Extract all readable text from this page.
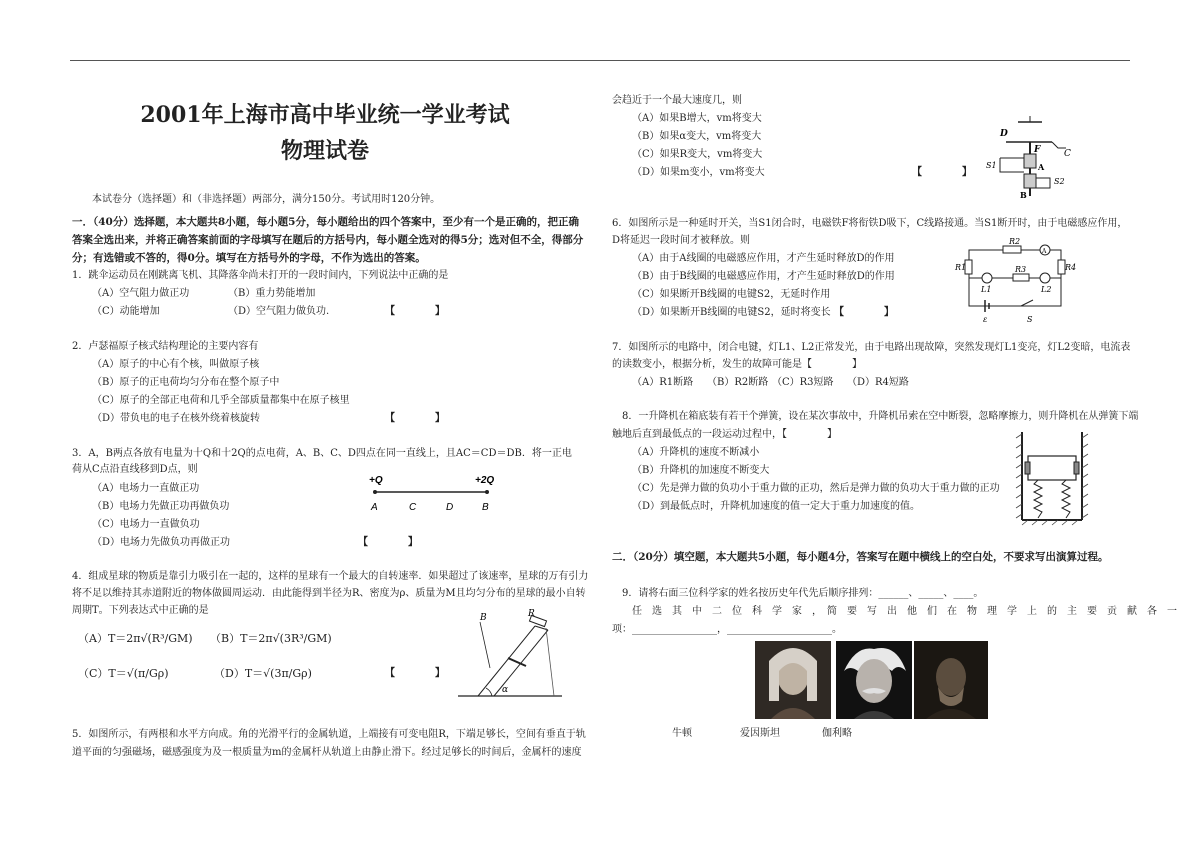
2001年上海市高中毕业统一学业考试
物理试卷
本试卷分（选择题）和（非选择题）两部分，满分150分。考试用时120分钟。
一．（40分）选择题，本大题共8小题，每小题5分，每小题给出的四个答案中，至少有一个是正确的，把正确
答案全选出来，并将正确答案前面的字母填写在题后的方括号内，每小题全选对的得5分；选对但不全，得部分
分；有选错或不答的，得0分。填写在方括号外的字母，不作为选出的答案。
1．跳伞运动员在刚跳离飞机、其降落伞尚未打开的一段时间内，下列说法中正确的是
（A）空气阻力做正功	（B）重力势能增加
（C）动能增加	（D）空气阻力做负功.	【　　　　】
2．卢瑟福原子核式结构理论的主要内容有
（A）原子的中心有个核，叫做原子核
（B）原子的正电荷均匀分布在整个原子中
（C）原子的全部正电荷和几乎全部质量都集中在原子核里
（D）带负电的电子在核外绕着核旋转	【　　　　】
3．A，B两点各放有电量为十Q和十2Q的点电荷，A、B、C、D四点在同一直线上，且AC＝CD＝DB．将一正电
荷从C点沿直线移到D点，则
（A）电场力一直做正功
（B）电场力先做正功再做负功
（C）电场力一直做负功
（D）电场力先做负功再做正功	【　　　　】
+Q	+2Q
A	C	D	B
4．组成星球的物质是靠引力吸引在一起的，这样的星球有一个最大的自转速率．如果超过了该速率，星球的万有引力
将不足以维持其赤道附近的物体做圆周运动．由此能得到半径为R、密度为ρ、质量为M且均匀分布的星球的最小自转
周期T。下列表达式中正确的是
（A）T＝2π√(R³/GM) （B）T＝2π√(3R³/GM)
（C）T＝√(π/Gρ)	（D）T＝√(3π/Gρ)	【　　　　】
B	R
α
5．如图所示，有两根和水平方向成。角的光滑平行的金属轨道，上端接有可变电阻R，下端足够长，空间有垂直于轨
道平面的匀强磁场，磁感强度为及一根质量为m的金属杆从轨道上由静止滑下。经过足够长的时间后，金属杆的速度
会趋近于一个最大速度几，则
（A）如果B增大，vm将变大
（B）如果α变大，vm将变大
（C）如果R变大，vm将变大
（D）如果m变小，vm将变大	【　　　　】
D
F	C
S1	A
B
S2
6．如图所示是一种延时开关，当S1闭合时，电磁铁F将衔铁D吸下，C线路接通。当S1断开时，由于电磁感应作用，
D将延迟一段时间才被释放。则
（A）由于A线圈的电磁感应作用，才产生延时释放D的作用
（B）由于B线圈的电磁感应作用，才产生延时释放D的作用
（C）如果断开B线圈的电键S2，无延时作用
（D）如果断开B线圈的电键S2，延时将变长 【　　　　】
R2
A
R1	R3	R4
L1	L2
ε	S
7．如图所示的电路中，闭合电键，灯L1、L2正常发光，由于电路出现故障，突然发现灯L1变亮，灯L2变暗，电流表
的读数变小，根据分析，发生的故障可能是【　　　　】
（A）R1断路 （B）R2断路 （C）R3短路 （D）R4短路
8．一升降机在箱底装有若干个弹簧，设在某次事故中，升降机吊索在空中断裂，忽略摩擦力，则升降机在从弹簧下端
触地后直到最低点的一段运动过程中，【　　　　】
（A）升降机的速度不断减小
（B）升降机的加速度不断变大
（C）先是弹力做的负功小于重力做的正功，然后是弹力做的负功大于重力做的正功
（D）到最低点时，升降机加速度的值一定大于重力加速度的值。
二．（20分）填空题，本大题共5小题，每小题4分，答案写在题中横线上的空白处，不要求写出演算过程。
9．请将右面三位科学家的姓名按历史年代先后顺序排列：______、_____、____。
任　选　其　中　二　位　科　学　家　，　简　要　写　出　他　们　在　物　理　学　上　的　主　要　贡　献　各　一
项：_________________，_____________________。
牛顿	爱因斯坦	伽利略
